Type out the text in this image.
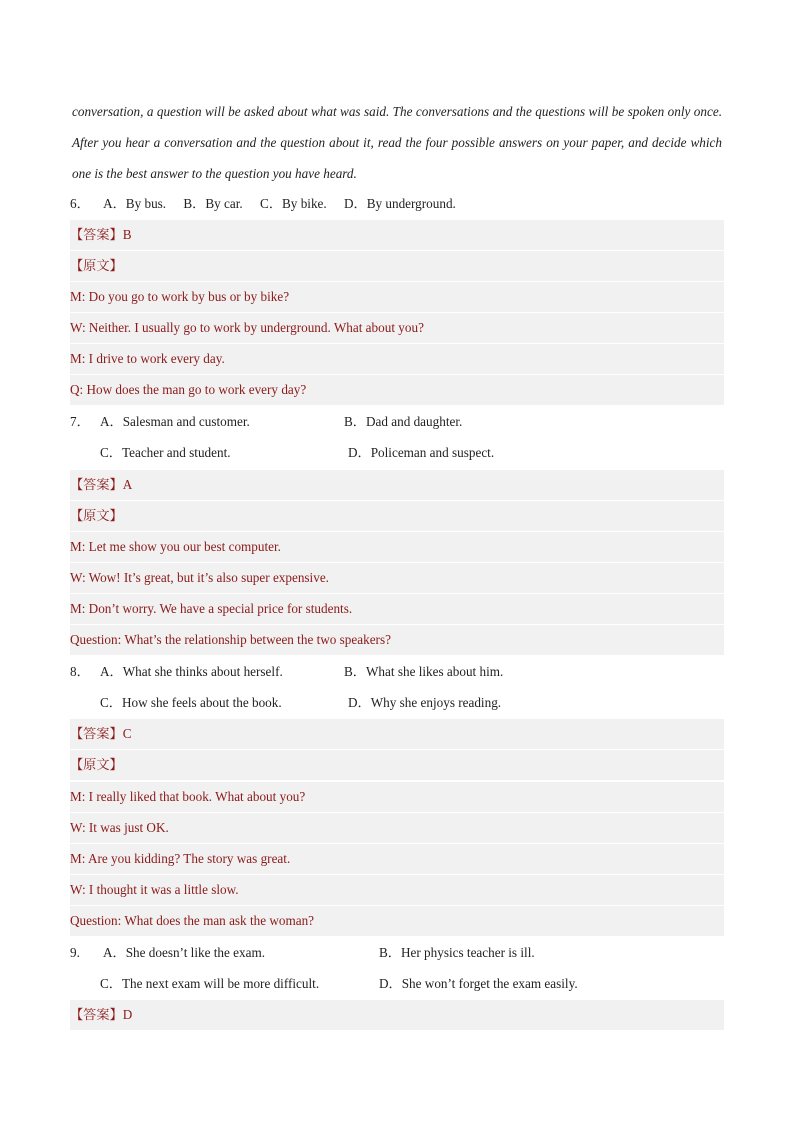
conversation, a question will be asked about what was said. The conversations and the questions will be spoken only once. After you hear a conversation and the question about it, read the four possible answers on your paper, and decide which one is the best answer to the question you have heard.

6． A．By bus. B．By car. C．By bike. D．By underground.
【答案】B
【原文】
M: Do you go to work by bus or by bike?
W: Neither. I usually go to work by underground. What about you?
M: I drive to work every day.
Q: How does the man go to work every day?
7． A．Salesman and customer.	B．Dad and daughter.
C．Teacher and student.	D．Policeman and suspect.
【答案】A
【原文】
M: Let me show you our best computer.
W: Wow! It’s great, but it’s also super expensive.
M: Don’t worry. We have a special price for students.
Question: What’s the relationship between the two speakers?
8． A．What she thinks about herself.	B．What she likes about him.
C．How she feels about the book.	D．Why she enjoys reading.
【答案】C
【原文】
M: I really liked that book. What about you?
W: It was just OK.
M: Are you kidding? The story was great.
W: I thought it was a little slow.
Question: What does the man ask the woman?
9. A．She doesn’t like the exam.	B．Her physics teacher is ill.
C．The next exam will be more difficult.	D．She won’t forget the exam easily.
【答案】D
